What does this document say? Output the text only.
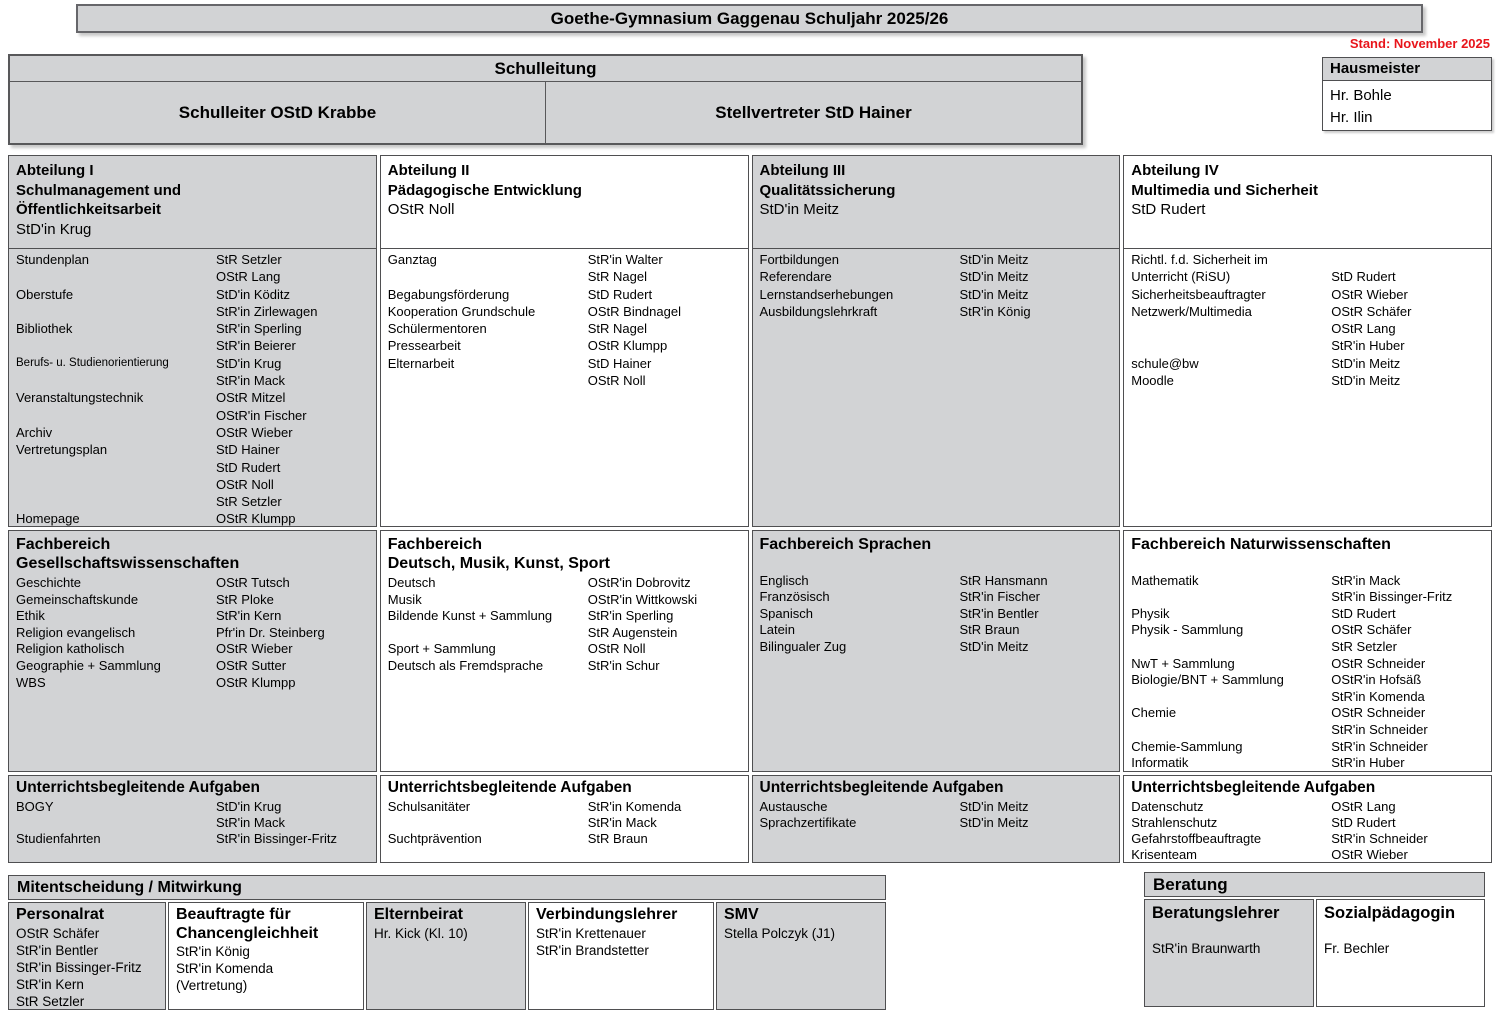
Goethe-Gymnasium Gaggenau Schuljahr 2025/26
Stand: November 2025
Schulleitung
Schulleiter OStD Krabbe	Stellvertreter StD Hainer
Hausmeister
Hr. Bohle
Hr. Ilin
Abteilung I
Schulmanagement und
Öffentlichkeitsarbeit
StD'in Krug
Stundenplan	StR Setzler
OStR Lang
Oberstufe	StD'in Köditz
StR'in Zirlewagen
Bibliothek	StR'in Sperling
StR'in Beierer
Berufs- u. Studienorientierung	StD'in Krug
StR'in Mack
Veranstaltungstechnik	OStR Mitzel
OStR'in Fischer
Archiv	OStR Wieber
Vertretungsplan	StD Hainer
StD Rudert
OStR Noll
StR Setzler
Homepage	OStR Klumpp
Fachbereich
Gesellschaftswissenschaften
Geschichte	OStR Tutsch
Gemeinschaftskunde	StR Ploke
Ethik	StR'in Kern
Religion evangelisch	Pfr'in Dr. Steinberg
Religion katholisch	OStR Wieber
Geographie + Sammlung	OStR Sutter
WBS	OStR Klumpp
Unterrichtsbegleitende Aufgaben
BOGY	StD'in Krug
StR'in Mack
Studienfahrten	StR'in Bissinger-Fritz
Abteilung II
Pädagogische Entwicklung
OStR Noll
Ganztag	StR'in Walter
StR Nagel
Begabungsförderung	StD Rudert
Kooperation Grundschule	OStR Bindnagel
Schülermentoren	StR Nagel
Pressearbeit	OStR Klumpp
Elternarbeit	StD Hainer
OStR Noll
Fachbereich
Deutsch, Musik, Kunst, Sport
Deutsch	OStR'in Dobrovitz
Musik	OStR'in Wittkowski
Bildende Kunst + Sammlung	StR'in Sperling
StR Augenstein
Sport + Sammlung	OStR Noll
Deutsch als Fremdsprache	StR'in Schur
Unterrichtsbegleitende Aufgaben
Schulsanitäter	StR'in Komenda
StR'in Mack
Suchtprävention	StR Braun
Abteilung III
Qualitätssicherung
StD'in Meitz
Fortbildungen	StD'in Meitz
Referendare	StD'in Meitz
Lernstandserhebungen	StD'in Meitz
Ausbildungslehrkraft	StR'in König
Fachbereich Sprachen
Englisch	StR Hansmann
Französisch	StR'in Fischer
Spanisch	StR'in Bentler
Latein	StR Braun
Bilingualer Zug	StD'in Meitz
Unterrichtsbegleitende Aufgaben
Austausche	StD'in Meitz
Sprachzertifikate	StD'in Meitz
Abteilung IV
Multimedia und Sicherheit
StD Rudert
Richtl. f.d. Sicherheit im
Unterricht (RiSU)	StD Rudert
Sicherheitsbeauftragter	OStR Wieber
Netzwerk/Multimedia	OStR Schäfer
OStR Lang
StR'in Huber
schule@bw	StD'in Meitz
Moodle	StD'in Meitz
Fachbereich Naturwissenschaften
Mathematik	StR'in Mack
StR'in Bissinger-Fritz
Physik	StD Rudert
Physik - Sammlung	OStR Schäfer
StR Setzler
NwT + Sammlung	OStR Schneider
Biologie/BNT + Sammlung	OStR'in Hofsäß
StR'in Komenda
Chemie	OStR Schneider
StR'in Schneider
Chemie-Sammlung	StR'in Schneider
Informatik	StR'in Huber
Unterrichtsbegleitende Aufgaben
Datenschutz	OStR Lang
Strahlenschutz	StD Rudert
Gefahrstoffbeauftragte	StR'in Schneider
Krisenteam	OStR Wieber
Mitentscheidung / Mitwirkung
Personalrat
OStR Schäfer
StR'in Bentler
StR'in Bissinger-Fritz
StR'in Kern
StR Setzler
Beauftragte für
Chancengleichheit
StR'in König
StR'in Komenda
(Vertretung)
Elternbeirat
Hr. Kick (Kl. 10)
Verbindungslehrer
StR'in Krettenauer
StR'in Brandstetter
SMV
Stella Polczyk (J1)
Beratung
Beratungslehrer
StR'in Braunwarth
Sozialpädagogin
Fr. Bechler
